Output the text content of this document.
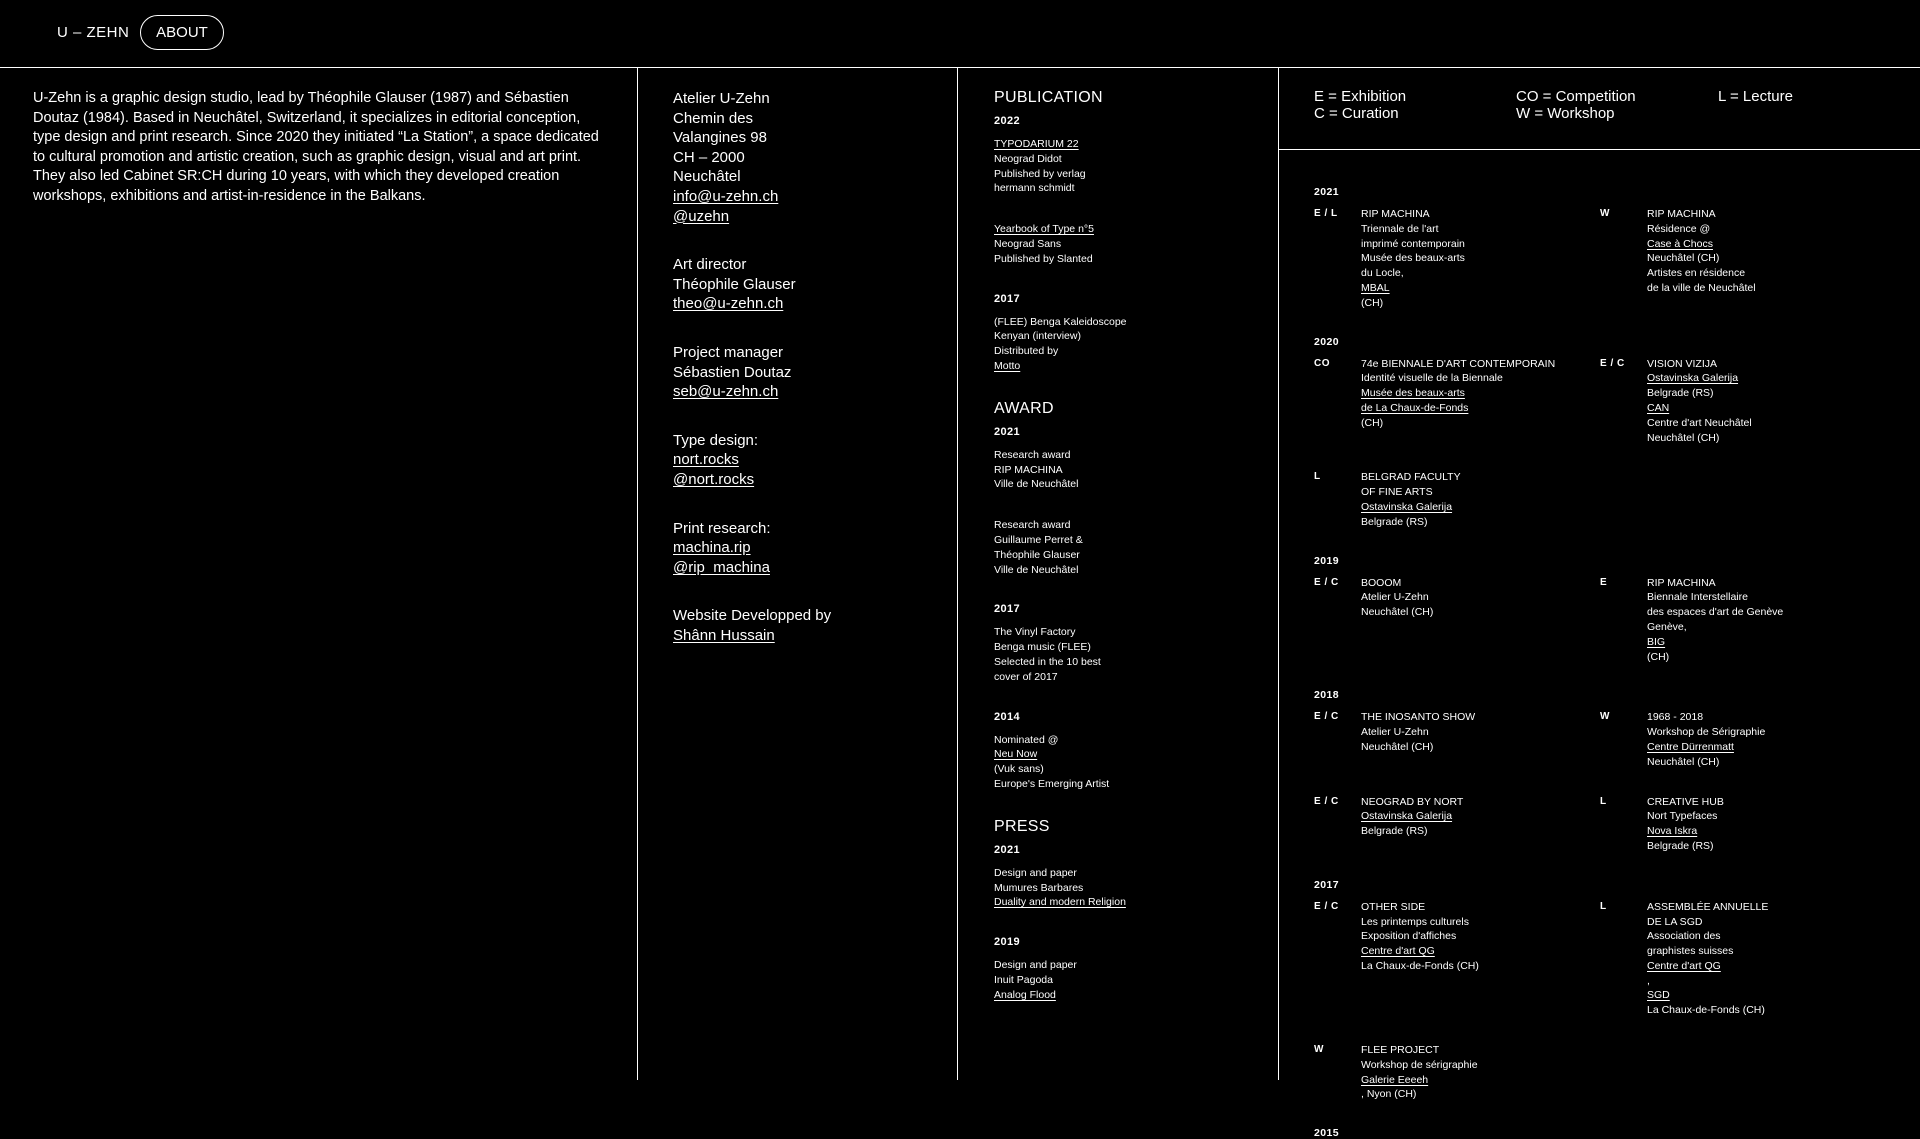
U – ZEHN	ABOUT

U-Zehn is a graphic design studio, lead by Théophile Glauser (1987) and Sébastien Doutaz (1984). Based in Neuchâtel, Switzerland, it specializes in editorial conception, type design and print research. Since 2020 they initiated “La Station”, a space dedicated to cultural promotion and artistic creation, such as graphic design, visual and art print. They also led Cabinet SR:CH during 10 years, with which they developed creation workshops, exhibitions and artist-in-residence in the Balkans.

Atelier U-Zehn
Chemin des
Valangines 98
CH – 2000
Neuchâtel
info@u-zehn.ch
@uzehn
Art director
Théophile Glauser
theo@u-zehn.ch
Project manager
Sébastien Doutaz
seb@u-zehn.ch
Type design:
nort.rocks
@nort.rocks
Print research:
machina.rip
@rip_machina
Website Developped by
Shânn Hussain
PUBLICATION
2022
TYPODARIUM 22
Neograd Didot
Published by verlag
hermann schmidt
Yearbook of Type n°5
Neograd Sans
Published by Slanted
2017
(FLEE) Benga Kaleidoscope
Kenyan (interview)
Distributed by
Motto
AWARD
2021
Research award
RIP MACHINA
Ville de Neuchâtel
Research award
Guillaume Perret &
Théophile Glauser
Ville de Neuchâtel
2017
The Vinyl Factory
Benga music (FLEE)
Selected in the 10 best
cover of 2017
2014
Nominated @
Neu Now
(Vuk sans)
Europe's Emerging Artist
PRESS
2021
Design and paper
Mumures Barbares
Duality and modern Religion
2019
Design and paper
Inuit Pagoda
Analog Flood
E = Exhibition
C = Curation
CO = Competition
W = Workshop
L = Lecture
2021
E / L	RIP MACHINA
Triennale de l'art
imprimé contemporain
Musée des beaux-arts
du Locle,
MBAL
(CH)
W	RIP MACHINA
Résidence @
Case à Chocs
Neuchâtel (CH)
Artistes en résidence
de la ville de Neuchâtel
2020
CO	74e BIENNALE D'ART CONTEMPORAIN
Identité visuelle de la Biennale
Musée des beaux-arts
de La Chaux-de-Fonds
(CH)
E / C	VISION VIZIJA
Ostavinska Galerija
Belgrade (RS)
CAN
Centre d'art Neuchâtel
Neuchâtel (CH)
L	BELGRAD FACULTY
OF FINE ARTS
Ostavinska Galerija
Belgrade (RS)
2019
E / C	BOOOM
Atelier U-Zehn
Neuchâtel (CH)
E	RIP MACHINA
Biennale Interstellaire
des espaces d'art de Genève
Genève,
BIG
(CH)
2018
E / C	THE INOSANTO SHOW
Atelier U-Zehn
Neuchâtel (CH)
W	1968 - 2018
Workshop de Sérigraphie
Centre Dürrenmatt
Neuchâtel (CH)
E / C	NEOGRAD BY NORT
Ostavinska Galerija
Belgrade (RS)
L	CREATIVE HUB
Nort Typefaces
Nova Iskra
Belgrade (RS)
2017
E / C	OTHER SIDE
Les printemps culturels
Exposition d'affiches
Centre d'art QG
La Chaux-de-Fonds (CH)
L	ASSEMBLÉE ANNUELLE
DE LA SGD
Association des
graphistes suisses
Centre d'art QG
,
SGD
La Chaux-de-Fonds (CH)
W	FLEE PROJECT
Workshop de sérigraphie
Galerie Eeeeh
, Nyon (CH)
2015
